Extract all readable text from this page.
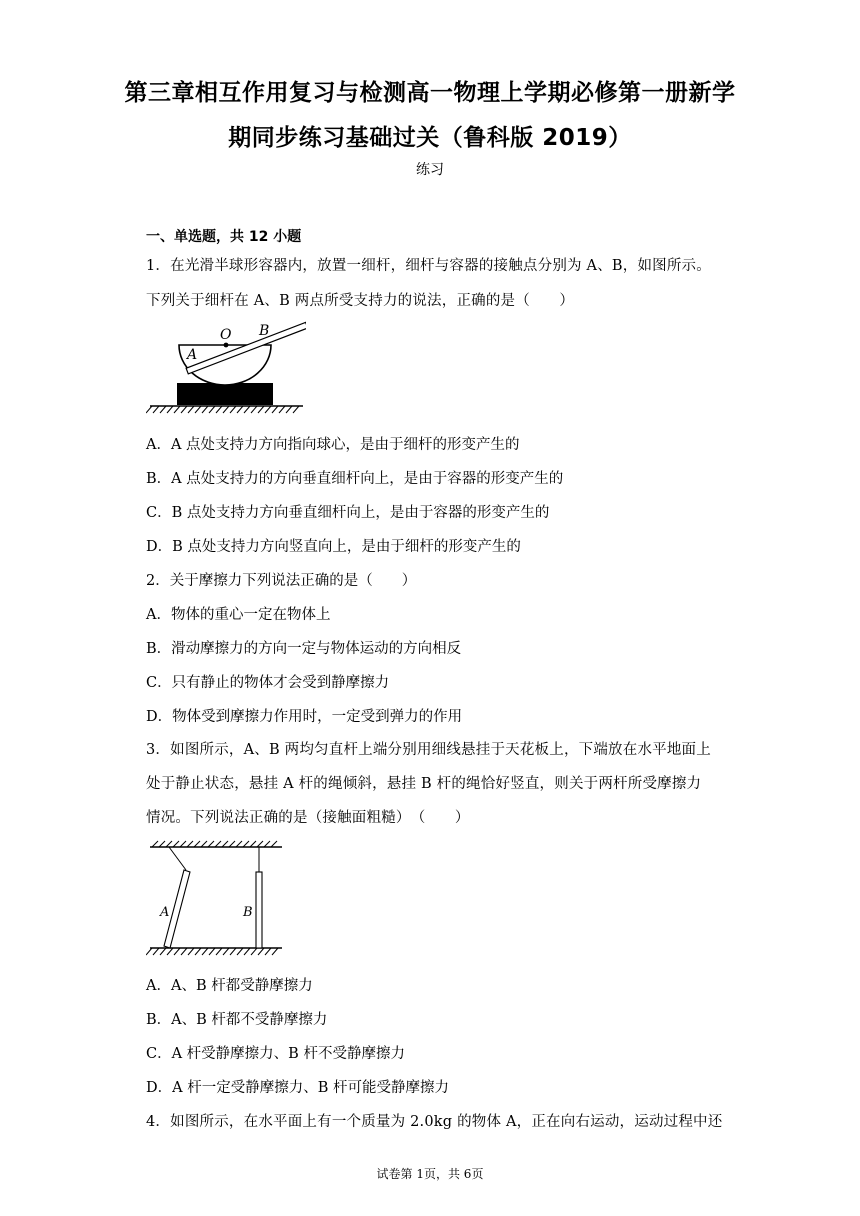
第三章相互作用复习与检测高一物理上学期必修第一册新学
期同步练习基础过关（鲁科版 2019）
练习
一、单选题，共 12 小题
1．在光滑半球形容器内，放置一细杆，细杆与容器的接触点分别为 A、B，如图所示。
下列关于细杆在 A、B 两点所受支持力的说法，正确的是（　　）
O
A
B
A．A 点处支持力方向指向球心，是由于细杆的形变产生的
B．A 点处支持力的方向垂直细杆向上，是由于容器的形变产生的
C．B 点处支持力方向垂直细杆向上，是由于容器的形变产生的
D．B 点处支持力方向竖直向上，是由于细杆的形变产生的
2．关于摩擦力下列说法正确的是（　　）
A．物体的重心一定在物体上
B．滑动摩擦力的方向一定与物体运动的方向相反
C．只有静止的物体才会受到静摩擦力
D．物体受到摩擦力作用时，一定受到弹力的作用
3．如图所示，A、B 两均匀直杆上端分别用细线悬挂于天花板上，下端放在水平地面上
处于静止状态，悬挂 A 杆的绳倾斜，悬挂 B 杆的绳恰好竖直，则关于两杆所受摩擦力
情况。下列说法正确的是（接触面粗糙）　（　　）
A	B
A．A、B 杆都受静摩擦力
B．A、B 杆都不受静摩擦力
C．A 杆受静摩擦力、B 杆不受静摩擦力
D．A 杆一定受静摩擦力、B 杆可能受静摩擦力
4．如图所示，在水平面上有一个质量为 2.0kg 的物体 A，正在向右运动，运动过程中还
试卷第 1页，共 6页
